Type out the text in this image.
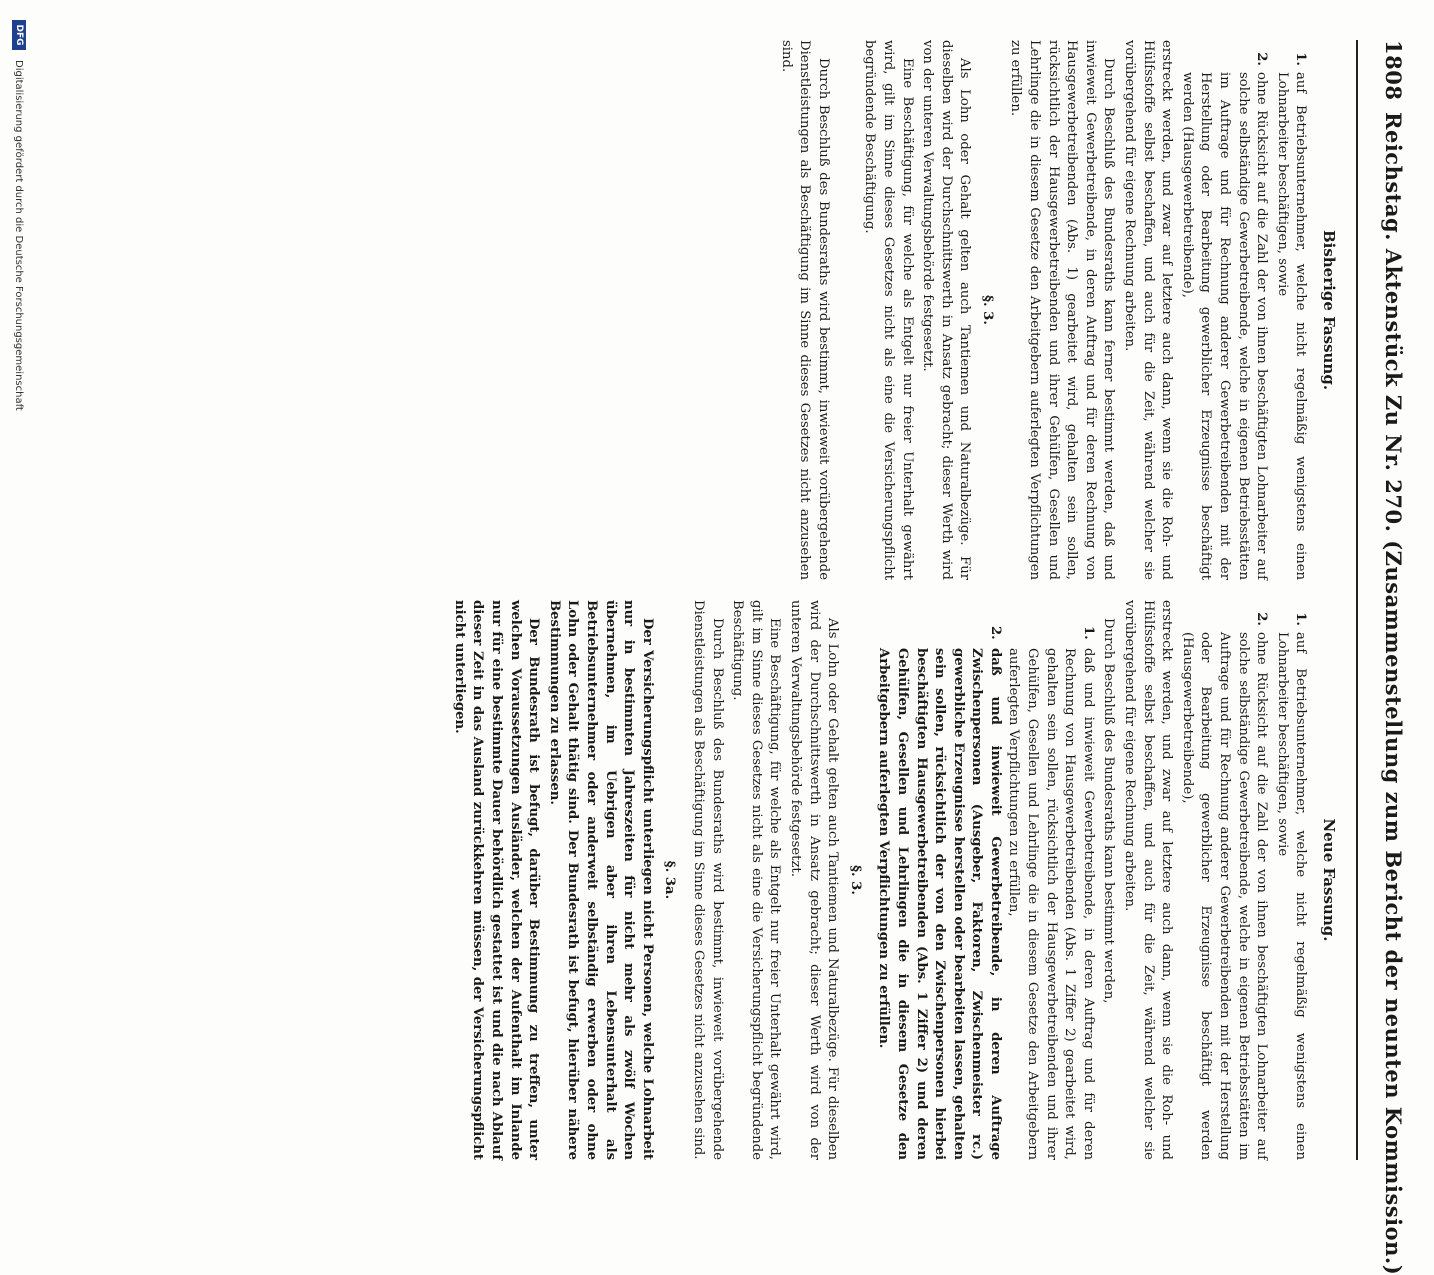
1808
Reichstag. Aktenstück Zu Nr. 270. (Zusammenstellung zum Bericht der neunten Kommission.)
Bisherige Fassung.
1.
auf Betriebsunternehmer, welche nicht regelmäßig wenigstens einen Lohnarbeiter beschäftigen, sowie
2.
ohne Rücksicht auf die Zahl der von ihnen beschäftigten Lohnarbeiter auf solche selbständige Gewerbetreibende, welche in eigenen Betriebsstätten im Auftrage und für Rechnung anderer Gewerbetreibenden mit der Herstellung oder Bearbeitung gewerblicher Erzeugnisse beschäftigt werden (Hausgewerbetreibende),

erstreckt werden, und zwar auf letztere auch dann, wenn sie die Roh- und Hülfsstoffe selbst beschaffen, und auch für die Zeit, während welcher sie vorübergehend für eigene Rechnung arbeiten.

Durch Beschluß des Bundesraths kann ferner bestimmt werden, daß und inwieweit Gewerbetreibende, in deren Auftrag und für deren Rechnung von Hausgewerbetreibenden (Abs. 1) gearbeitet wird, gehalten sein sollen, rücksichtlich der Hausgewerbetreibenden und ihrer Gehülfen, Gesellen und Lehrlinge die in diesem Gesetze den Arbeitgebern auferlegten Verpflichtungen zu erfüllen.

§. 3.

Als Lohn oder Gehalt gelten auch Tantiemen und Naturalbezüge. Für dieselben wird der Durchschnittswerth in Ansatz gebracht; dieser Werth wird von der unteren Verwaltungsbehörde festgesetzt.

Eine Beschäftigung, für welche als Entgelt nur freier Unterhalt gewährt wird, gilt im Sinne dieses Gesetzes nicht als eine die Versicherungspflicht begründende Beschäftigung.

Durch Beschluß des Bundesraths wird bestimmt, inwieweit vorübergehende Dienstleistungen als Beschäftigung im Sinne dieses Gesetzes nicht anzusehen sind.

Neue Fassung.
1.
auf Betriebsunternehmer, welche nicht regelmäßig wenigstens einen Lohnarbeiter beschäftigen, sowie
2.
ohne Rücksicht auf die Zahl der von ihnen beschäftigten Lohnarbeiter auf solche selbständige Gewerbetreibende, welche in eigenen Betriebsstätten im Auftrage und für Rechnung anderer Gewerbetreibenden mit der Herstellung oder Bearbeitung gewerblicher Erzeugnisse beschäftigt werden (Hausgewerbetreibende),

erstreckt werden, und zwar auf letztere auch dann, wenn sie die Roh- und Hülfsstoffe selbst beschaffen, und auch für die Zeit, während welcher sie vorübergehend für eigene Rechnung arbeiten.

Durch Beschluß des Bundesraths kann bestimmt werden,

1.
daß und inwieweit Gewerbetreibende, in deren Auftrag und für deren Rechnung von Hausgewerbetreibenden (Abs. 1 Ziffer 2) gearbeitet wird, gehalten sein sollen, rücksichtlich der Hausgewerbetreibenden und ihrer Gehülfen, Gesellen und Lehrlinge die in diesem Gesetze den Arbeitgebern auferlegten Verpflichtungen zu erfüllen,
2.
daß und inwieweit Gewerbetreibende, in deren Auftrage Zwischenpersonen (Ausgeber, Faktoren, Zwischenmeister rc.) gewerbliche Erzeugnisse herstellen oder bearbeiten lassen, gehalten sein sollen, rücksichtlich der von den Zwischenpersonen hierbei beschäftigten Hausgewerbetreibenden (Abs. 1 Ziffer 2) und deren Gehülfen, Gesellen und Lehrlingen die in diesem Gesetze den Arbeitgebern auferlegten Verpflichtungen zu erfüllen.
§. 3.

Als Lohn oder Gehalt gelten auch Tantiemen und Naturalbezüge. Für dieselben wird der Durchschnittswerth in Ansatz gebracht; dieser Werth wird von der unteren Verwaltungsbehörde festgesetzt.

Eine Beschäftigung, für welche als Entgelt nur freier Unterhalt gewährt wird, gilt im Sinne dieses Gesetzes nicht als eine die Versicherungspflicht begründende Beschäftigung.

Durch Beschluß des Bundesraths wird bestimmt, inwieweit vorübergehende Dienstleistungen als Beschäftigung im Sinne dieses Gesetzes nicht anzusehen sind.

§. 3a.

Der Versicherungspflicht unterliegen nicht Personen, welche Lohnarbeit nur in bestimmten Jahreszeiten für nicht mehr als zwölf Wochen übernehmen, im Uebrigen aber ihren Lebensunterhalt als Betriebsunternehmer oder anderweit selbständig erwerben oder ohne Lohn oder Gehalt thätig sind. Der Bundesrath ist befugt, hierüber nähere Bestimmungen zu erlassen.

Der Bundesrath ist befugt, darüber Bestimmung zu treffen, unter welchen Voraussetzungen Ausländer, welchen der Aufenthalt im Inlande nur für eine bestimmte Dauer behördlich gestattet ist und die nach Ablauf dieser Zeit in das Ausland zurückkehren müssen, der Versicherungspflicht nicht unterliegen.

DFG
Digitalisierung gefördert durch die Deutsche Forschungsgemeinschaft
